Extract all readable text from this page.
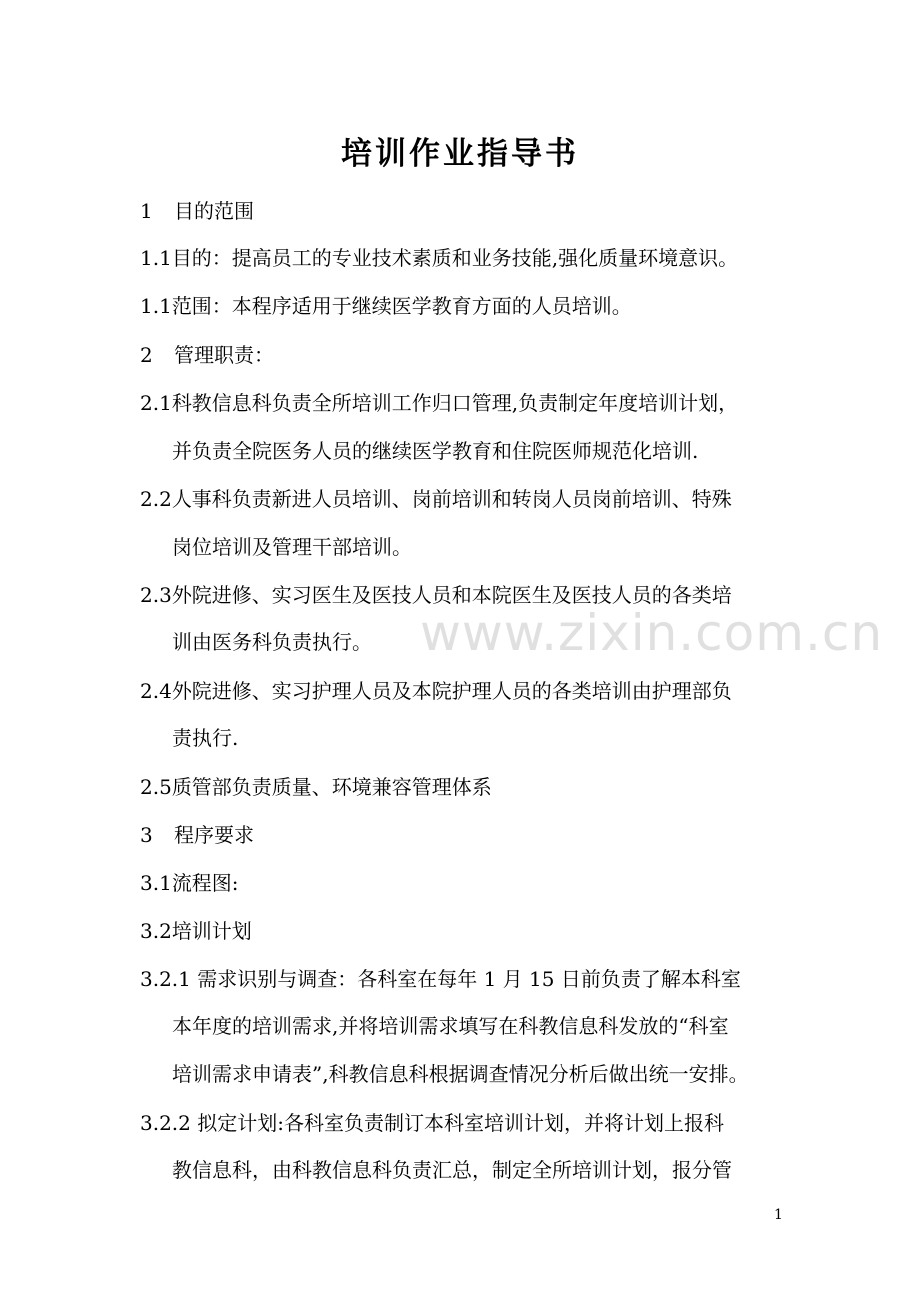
培训作业指导书
1 目的范围
1.1目的：提高员工的专业技术素质和业务技能,强化质量环境意识。
1.1范围：本程序适用于继续医学教育方面的人员培训。
2 管理职责：
2.1科教信息科负责全所培训工作归口管理,负责制定年度培训计划，
并负责全院医务人员的继续医学教育和住院医师规范化培训.
2.2人事科负责新进人员培训、岗前培训和转岗人员岗前培训、特殊
岗位培训及管理干部培训。
2.3外院进修、实习医生及医技人员和本院医生及医技人员的各类培
训由医务科负责执行。
2.4外院进修、实习护理人员及本院护理人员的各类培训由护理部负
责执行.
2.5质管部负责质量、环境兼容管理体系
3 程序要求
3.1流程图:
3.2培训计划
3.2.1 需求识别与调查：各科室在每年 1 月 15 日前负责了解本科室
本年度的培训需求,并将培训需求填写在科教信息科发放的“科室
培训需求申请表”,科教信息科根据调查情况分析后做出统一安排。
3.2.2 拟定计划:各科室负责制订本科室培训计划，并将计划上报科
教信息科，由科教信息科负责汇总，制定全所培训计划，报分管
www.zixin.com.cn
1
